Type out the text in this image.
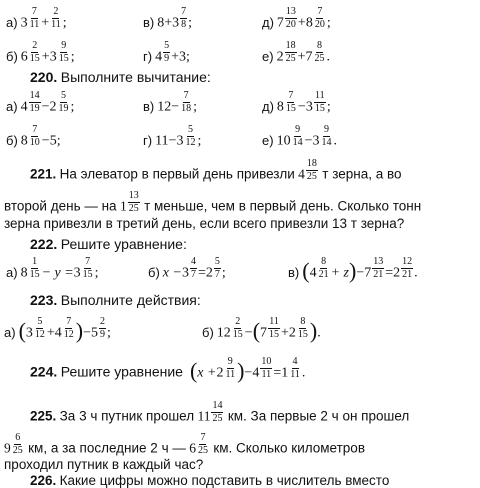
а) $3 \frac{7}{11} + \frac{2}{11}$ ;	в) $8+3 \frac{7}{8}$ ;	д) $7 \frac{13}{20} +8 \frac{7}{20}$ ;
б) $6 \frac{2}{15} +3 \frac{9}{15}$ ;	г) $4 \frac{5}{9} +3$;	е) $2 \frac{18}{25} +7 \frac{8}{25}$ .
220. Выполните вычитание:
а) $4 \frac{14}{19} -2 \frac{5}{19}$ ;	в) $12- \frac{7}{18}$ ;	д) $8 \frac{7}{15} -3 \frac{11}{15}$ ;
б) $8 \frac{7}{10} -5$;	г) $11-3 \frac{5}{12}$ ;	е) $10 \frac{9}{14} -3 \frac{9}{14}$ .
221. На элеватор в первый день привезли $4 \frac{18}{25}$ т зерна, а во
второй день — на $1 \frac{13}{25}$ т меньше, чем в первый день. Сколько тонн
зерна привезли в третий день, если всего привезли 13 т зерна?
222. Решите уравнение:
а) $8 \frac{1}{15} - y =3 \frac{7}{15}$ ;	б) $x -3 \frac{4}{7} =2 \frac{5}{7}$ ;	в) $(4 \frac{8}{21} + z)-7 \frac{13}{21} =2 \frac{12}{21}$ .
223. Выполните действия:
а) $(3 \frac{5}{12} +4 \frac{7}{12} )-5 \frac{2}{9}$ ;	б) $12 \frac{2}{15} -(7 \frac{11}{15} +2 \frac{8}{15}$ ).
224. Решите уравнение $(x +2 \frac{9}{11} )-4 \frac{10}{11} =1 \frac{4}{11}$ .
225. За 3 ч путник прошел $11 \frac{14}{25}$ км. За первые 2 ч он прошел
$9 \frac{6}{25}$ км, а за последние 2 ч — $6 \frac{7}{25}$ км. Сколько километров
проходил путник в каждый час?
226. Какие цифры можно подставить в числитель вместо
